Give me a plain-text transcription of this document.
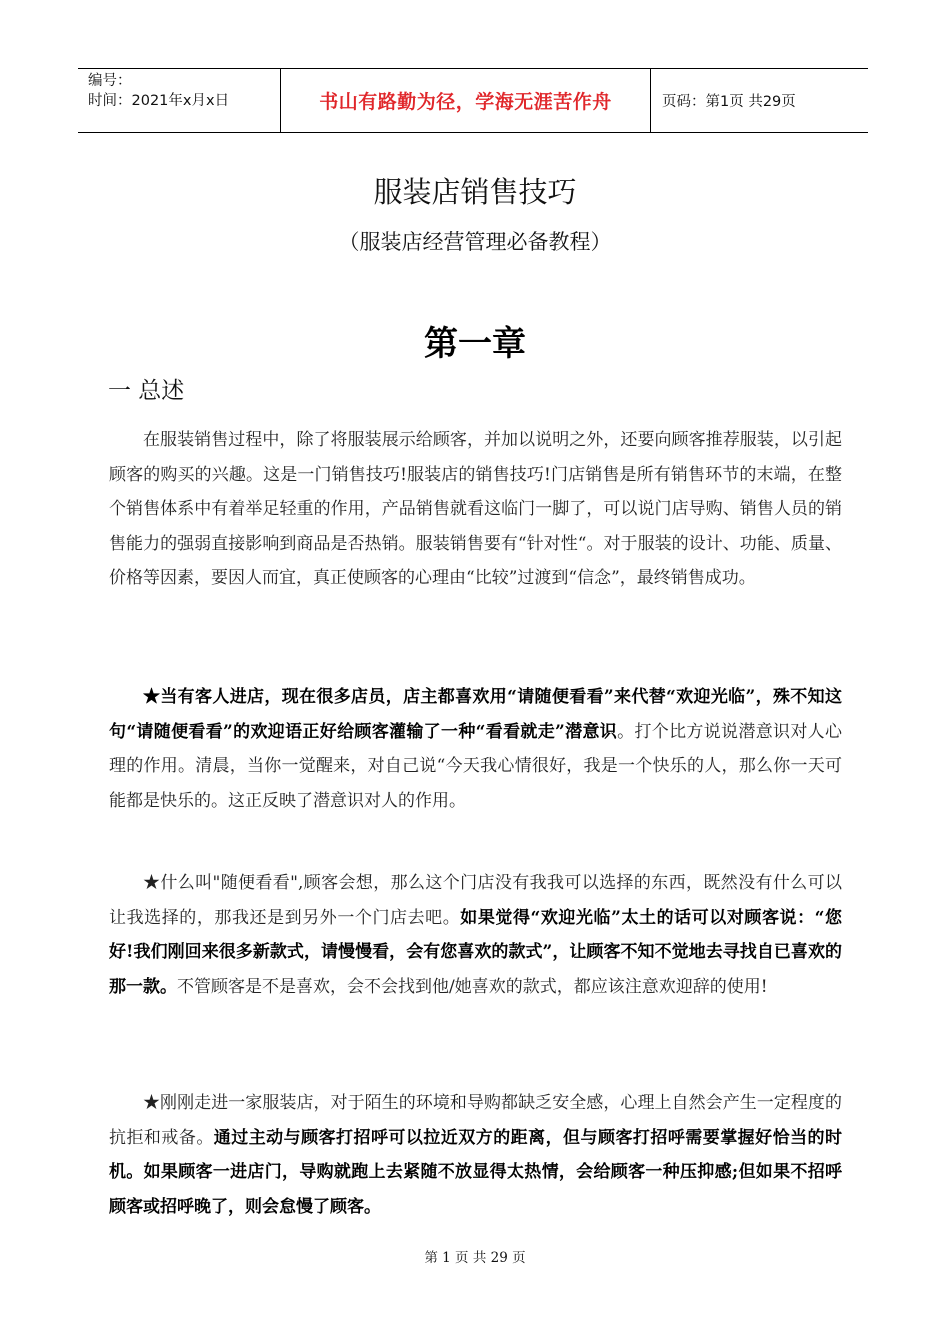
编号：
时间：2021年x月x日	书山有路勤为径，学海无涯苦作舟	页码：第1页 共29页
服装店销售技巧
（服装店经营管理必备教程）
第一章
一 总述

在服装销售过程中，除了将服装展示给顾客，并加以说明之外，还要向顾客推荐服装，以引起顾客的购买的兴趣。这是一门销售技巧!服装店的销售技巧!门店销售是所有销售环节的末端，在整个销售体系中有着举足轻重的作用，产品销售就看这临门一脚了，可以说门店导购、销售人员的销售能力的强弱直接影响到商品是否热销。服装销售要有“针对性“。对于服装的设计、功能、质量、价格等因素，要因人而宜，真正使顾客的心理由“比较”过渡到“信念”，最终销售成功。

★当有客人进店，现在很多店员，店主都喜欢用“请随便看看”来代替“欢迎光临”，殊不知这句“请随便看看”的欢迎语正好给顾客灌输了一种“看看就走”潜意识。打个比方说说潜意识对人心理的作用。清晨，当你一觉醒来，对自己说“今天我心情很好，我是一个快乐的人，那么你一天可能都是快乐的。这正反映了潜意识对人的作用。

★什么叫"随便看看",顾客会想，那么这个门店没有我我可以选择的东西，既然没有什么可以让我选择的，那我还是到另外一个门店去吧。如果觉得“欢迎光临”太土的话可以对顾客说：“您好!我们刚回来很多新款式，请慢慢看，会有您喜欢的款式”，让顾客不知不觉地去寻找自已喜欢的那一款。不管顾客是不是喜欢，会不会找到他/她喜欢的款式，都应该注意欢迎辞的使用!

★刚刚走进一家服装店，对于陌生的环境和导购都缺乏安全感，心理上自然会产生一定程度的抗拒和戒备。通过主动与顾客打招呼可以拉近双方的距离，但与顾客打招呼需要掌握好恰当的时机。如果顾客一进店门，导购就跑上去紧随不放显得太热情，会给顾客一种压抑感;但如果不招呼顾客或招呼晚了，则会怠慢了顾客。

第 1 页 共 29 页
